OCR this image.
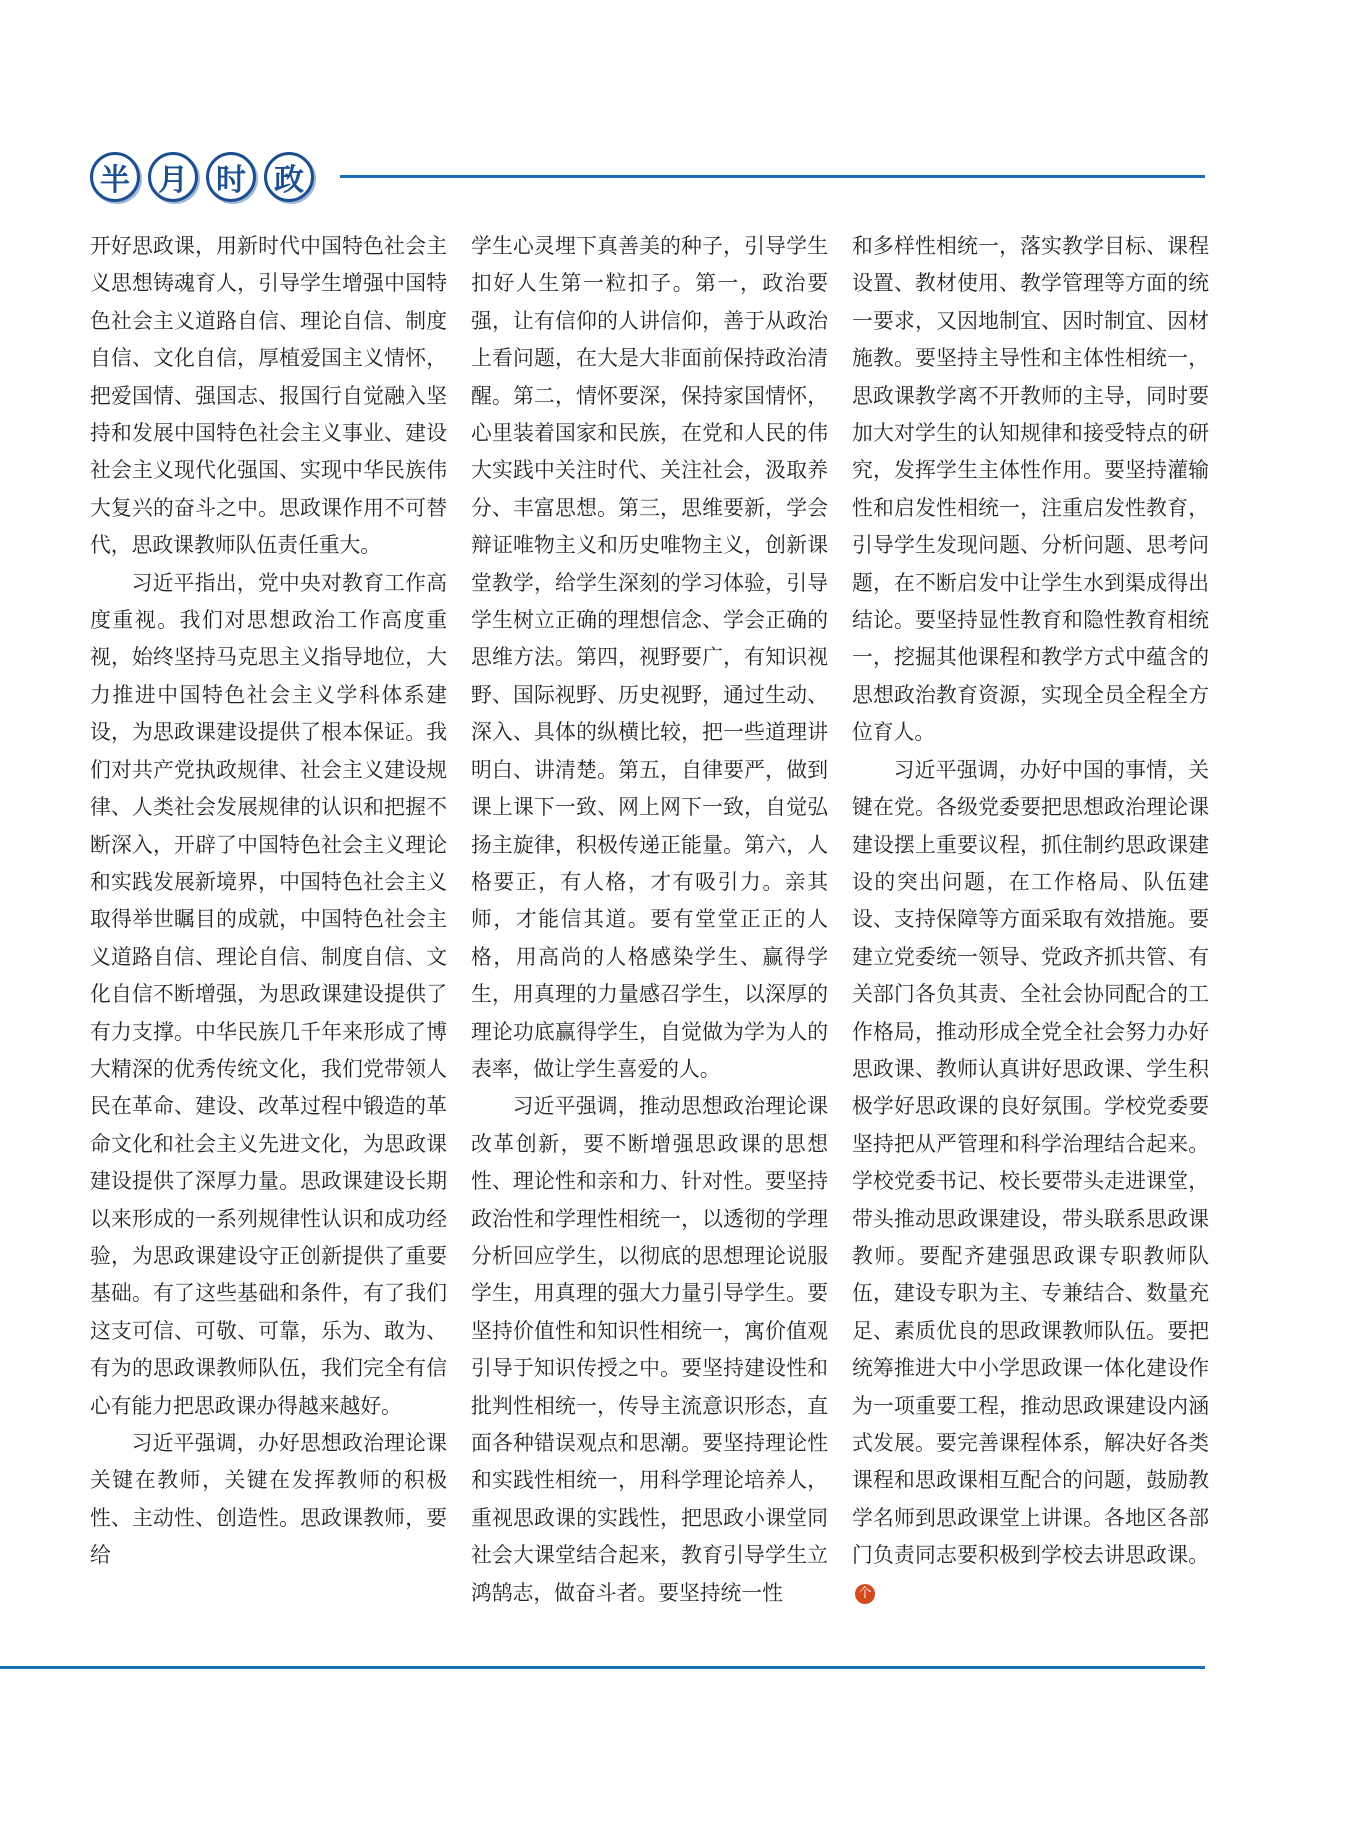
半 月 时 政

开好思政课，用新时代中国特色社会主义思想铸魂育人，引导学生增强中国特色社会主义道路自信、理论自信、制度自信、文化自信，厚植爱国主义情怀，把爱国情、强国志、报国行自觉融入坚持和发展中国特色社会主义事业、建设社会主义现代化强国、实现中华民族伟大复兴的奋斗之中。思政课作用不可替代，思政课教师队伍责任重大。

习近平指出，党中央对教育工作高度重视。我们对思想政治工作高度重视，始终坚持马克思主义指导地位，大力推进中国特色社会主义学科体系建设，为思政课建设提供了根本保证。我们对共产党执政规律、社会主义建设规律、人类社会发展规律的认识和把握不断深入，开辟了中国特色社会主义理论和实践发展新境界，中国特色社会主义取得举世瞩目的成就，中国特色社会主义道路自信、理论自信、制度自信、文化自信不断增强，为思政课建设提供了有力支撑。中华民族几千年来形成了博大精深的优秀传统文化，我们党带领人民在革命、建设、改革过程中锻造的革命文化和社会主义先进文化，为思政课建设提供了深厚力量。思政课建设长期以来形成的一系列规律性认识和成功经验，为思政课建设守正创新提供了重要基础。有了这些基础和条件，有了我们这支可信、可敬、可靠，乐为、敢为、有为的思政课教师队伍，我们完全有信心有能力把思政课办得越来越好。

习近平强调，办好思想政治理论课关键在教师，关键在发挥教师的积极性、主动性、创造性。思政课教师，要给

学生心灵埋下真善美的种子，引导学生扣好人生第一粒扣子。第一，政治要强，让有信仰的人讲信仰，善于从政治上看问题，在大是大非面前保持政治清醒。第二，情怀要深，保持家国情怀，心里装着国家和民族，在党和人民的伟大实践中关注时代、关注社会，汲取养分、丰富思想。第三，思维要新，学会辩证唯物主义和历史唯物主义，创新课堂教学，给学生深刻的学习体验，引导学生树立正确的理想信念、学会正确的思维方法。第四，视野要广，有知识视野、国际视野、历史视野，通过生动、深入、具体的纵横比较，把一些道理讲明白、讲清楚。第五，自律要严，做到课上课下一致、网上网下一致，自觉弘扬主旋律，积极传递正能量。第六，人格要正，有人格，才有吸引力。亲其师，才能信其道。要有堂堂正正的人格，用高尚的人格感染学生、赢得学生，用真理的力量感召学生，以深厚的理论功底赢得学生，自觉做为学为人的表率，做让学生喜爱的人。

习近平强调，推动思想政治理论课改革创新，要不断增强思政课的思想性、理论性和亲和力、针对性。要坚持政治性和学理性相统一，以透彻的学理分析回应学生，以彻底的思想理论说服学生，用真理的强大力量引导学生。要坚持价值性和知识性相统一，寓价值观引导于知识传授之中。要坚持建设性和批判性相统一，传导主流意识形态，直面各种错误观点和思潮。要坚持理论性和实践性相统一，用科学理论培养人，重视思政课的实践性，把思政小课堂同社会大课堂结合起来，教育引导学生立鸿鹄志，做奋斗者。要坚持统一性

和多样性相统一，落实教学目标、课程设置、教材使用、教学管理等方面的统一要求，又因地制宜、因时制宜、因材施教。要坚持主导性和主体性相统一，思政课教学离不开教师的主导，同时要加大对学生的认知规律和接受特点的研究，发挥学生主体性作用。要坚持灌输性和启发性相统一，注重启发性教育，引导学生发现问题、分析问题、思考问题，在不断启发中让学生水到渠成得出结论。要坚持显性教育和隐性教育相统一，挖掘其他课程和教学方式中蕴含的思想政治教育资源，实现全员全程全方位育人。

习近平强调，办好中国的事情，关键在党。各级党委要把思想政治理论课建设摆上重要议程，抓住制约思政课建设的突出问题，在工作格局、队伍建设、支持保障等方面采取有效措施。要建立党委统一领导、党政齐抓共管、有关部门各负其责、全社会协同配合的工作格局，推动形成全党全社会努力办好思政课、教师认真讲好思政课、学生积极学好思政课的良好氛围。学校党委要坚持把从严管理和科学治理结合起来。学校党委书记、校长要带头走进课堂，带头推动思政课建设，带头联系思政课教师。要配齐建强思政课专职教师队伍，建设专职为主、专兼结合、数量充足、素质优良的思政课教师队伍。要把统筹推进大中小学思政课一体化建设作为一项重要工程，推动思政课建设内涵式发展。要完善课程体系，解决好各类课程和思政课相互配合的问题，鼓励教学名师到思政课堂上讲课。各地区各部门负责同志要积极到学校去讲思政课。个
